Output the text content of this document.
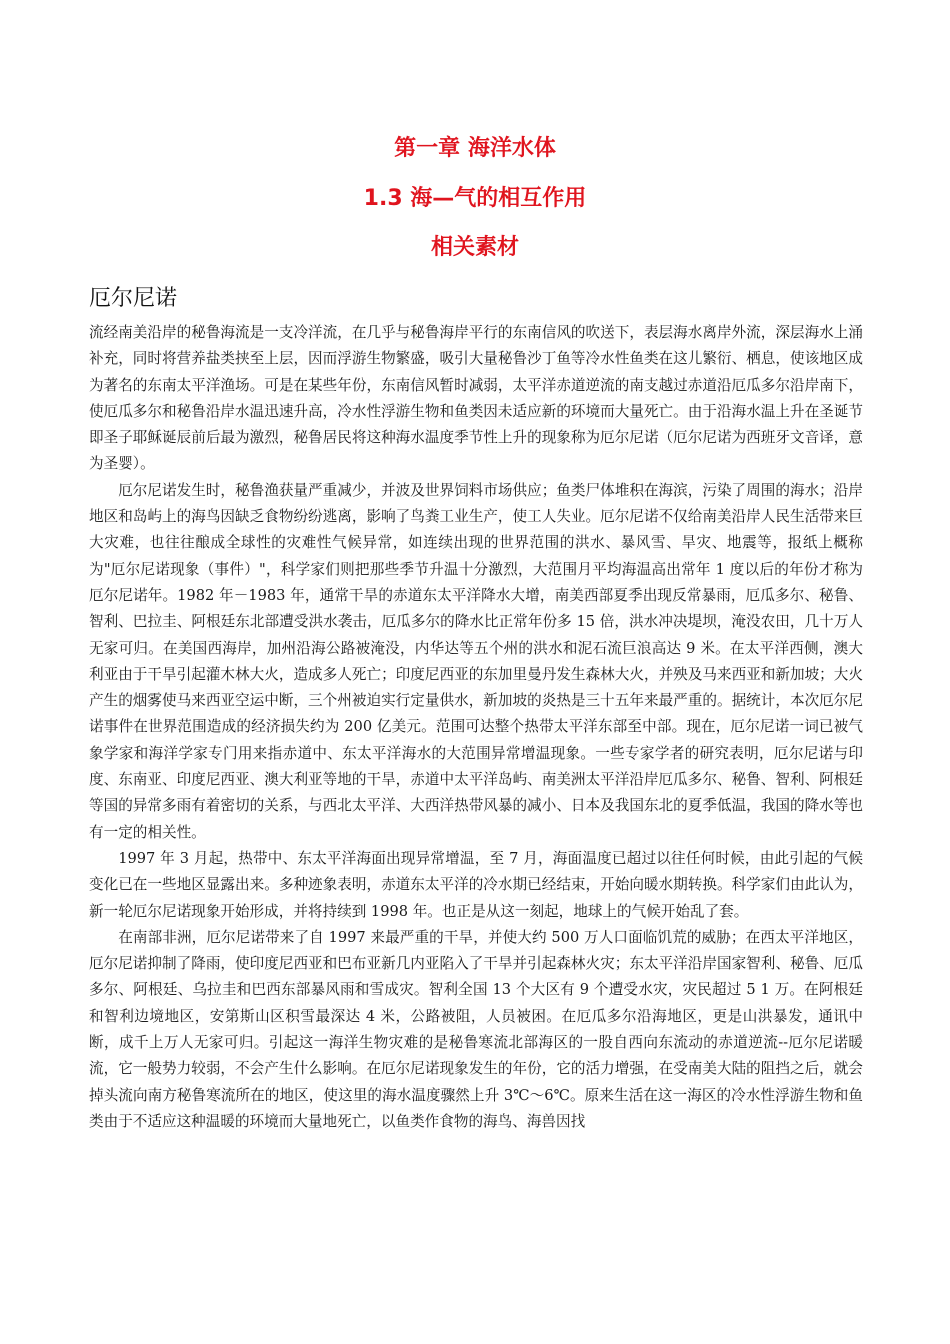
第一章 海洋水体
1.3 海—气的相互作用
相关素材
厄尔尼诺

流经南美沿岸的秘鲁海流是一支冷洋流，在几乎与秘鲁海岸平行的东南信风的吹送下，表层海水离岸外流，深层海水上涌补充，同时将营养盐类挟至上层，因而浮游生物繁盛，吸引大量秘鲁沙丁鱼等冷水性鱼类在这儿繁衍、栖息，使该地区成为著名的东南太平洋渔场。可是在某些年份，东南信风暂时减弱，太平洋赤道逆流的南支越过赤道沿厄瓜多尔沿岸南下，使厄瓜多尔和秘鲁沿岸水温迅速升高，冷水性浮游生物和鱼类因未适应新的环境而大量死亡。由于沿海水温上升在圣诞节即圣子耶稣诞辰前后最为激烈，秘鲁居民将这种海水温度季节性上升的现象称为厄尔尼诺（厄尔尼诺为西班牙文音译，意为圣婴）。

厄尔尼诺发生时，秘鲁渔获量严重减少，并波及世界饲料市场供应；鱼类尸体堆积在海滨，污染了周围的海水；沿岸地区和岛屿上的海鸟因缺乏食物纷纷逃离，影响了鸟粪工业生产，使工人失业。厄尔尼诺不仅给南美沿岸人民生活带来巨大灾难，也往往酿成全球性的灾难性气候异常，如连续出现的世界范围的洪水、暴风雪、旱灾、地震等，报纸上概称为"厄尔尼诺现象（事件）"，科学家们则把那些季节升温十分激烈，大范围月平均海温高出常年 1 度以后的年份才称为厄尔尼诺年。1982 年－1983 年，通常干旱的赤道东太平洋降水大增，南美西部夏季出现反常暴雨，厄瓜多尔、秘鲁、智利、巴拉圭、阿根廷东北部遭受洪水袭击，厄瓜多尔的降水比正常年份多 15 倍，洪水冲决堤坝，淹没农田，几十万人无家可归。在美国西海岸，加州沿海公路被淹没，内华达等五个州的洪水和泥石流巨浪高达 9 米。在太平洋西侧，澳大利亚由于干旱引起灌木林大火，造成多人死亡；印度尼西亚的东加里曼丹发生森林大火，并殃及马来西亚和新加坡；大火产生的烟雾使马来西亚空运中断，三个州被迫实行定量供水，新加坡的炎热是三十五年来最严重的。据统计，本次厄尔尼诺事件在世界范围造成的经济损失约为 200 亿美元。范围可达整个热带太平洋东部至中部。现在，厄尔尼诺一词已被气象学家和海洋学家专门用来指赤道中、东太平洋海水的大范围异常增温现象。一些专家学者的研究表明，厄尔尼诺与印度、东南亚、印度尼西亚、澳大利亚等地的干旱，赤道中太平洋岛屿、南美洲太平洋沿岸厄瓜多尔、秘鲁、智利、阿根廷等国的异常多雨有着密切的关系，与西北太平洋、大西洋热带风暴的减小、日本及我国东北的夏季低温，我国的降水等也有一定的相关性。

1997 年 3 月起，热带中、东太平洋海面出现异常增温，至 7 月，海面温度已超过以往任何时候，由此引起的气候变化已在一些地区显露出来。多种迹象表明，赤道东太平洋的冷水期已经结束，开始向暖水期转换。科学家们由此认为，新一轮厄尔尼诺现象开始形成，并将持续到 1998 年。也正是从这一刻起，地球上的气候开始乱了套。

在南部非洲，厄尔尼诺带来了自 1997 来最严重的干旱，并使大约 500 万人口面临饥荒的威胁；在西太平洋地区，厄尔尼诺抑制了降雨，使印度尼西亚和巴布亚新几内亚陷入了干旱并引起森林火灾；东太平洋沿岸国家智利、秘鲁、厄瓜多尔、阿根廷、乌拉圭和巴西东部暴风雨和雪成灾。智利全国 13 个大区有 9 个遭受水灾，灾民超过 5 1 万。在阿根廷和智利边境地区，安第斯山区积雪最深达 4 米，公路被阻，人员被困。在厄瓜多尔沿海地区，更是山洪暴发，通讯中断，成千上万人无家可归。引起这一海洋生物灾难的是秘鲁寒流北部海区的一股自西向东流动的赤道逆流--厄尔尼诺暖流，它一般势力较弱，不会产生什么影响。在厄尔尼诺现象发生的年份，它的活力增强，在受南美大陆的阻挡之后，就会掉头流向南方秘鲁寒流所在的地区，使这里的海水温度骤然上升 3℃～6℃。原来生活在这一海区的冷水性浮游生物和鱼类由于不适应这种温暖的环境而大量地死亡，以鱼类作食物的海鸟、海兽因找
